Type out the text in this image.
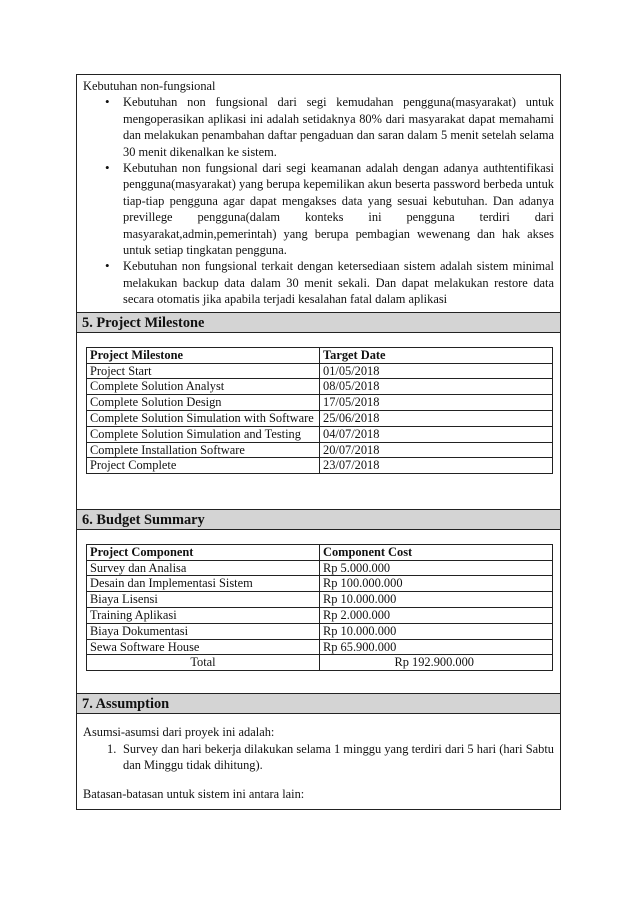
Kebutuhan non-fungsional
• Kebutuhan non fungsional dari segi kemudahan pengguna(masyarakat) untuk mengoperasikan aplikasi ini adalah setidaknya 80% dari masyarakat dapat memahami dan melakukan penambahan daftar pengaduan dan saran dalam 5 menit setelah selama 30 menit dikenalkan ke sistem.
• Kebutuhan non fungsional dari segi keamanan adalah dengan adanya authtentifikasi pengguna(masyarakat) yang berupa kepemilikan akun beserta password berbeda untuk tiap-tiap pengguna agar dapat mengakses data yang sesuai kebutuhan. Dan adanya previllege pengguna(dalam konteks ini pengguna terdiri dari masyarakat,admin,pemerintah) yang berupa pembagian wewenang dan hak akses untuk setiap tingkatan pengguna.
• Kebutuhan non fungsional terkait dengan ketersediaan sistem adalah sistem minimal melakukan backup data dalam 30 menit sekali. Dan dapat melakukan restore data secara otomatis jika apabila terjadi kesalahan fatal dalam aplikasi
5. Project Milestone
Project Milestone	Target Date
Project Start	01/05/2018
Complete Solution Analyst	08/05/2018
Complete Solution Design	17/05/2018
Complete Solution Simulation with Software	25/06/2018
Complete Solution Simulation and Testing	04/07/2018
Complete Installation Software	20/07/2018
Project Complete	23/07/2018
6. Budget Summary
Project Component	Component Cost
Survey dan Analisa	Rp 5.000.000
Desain dan Implementasi Sistem	Rp 100.000.000
Biaya Lisensi	Rp 10.000.000
Training Aplikasi	Rp 2.000.000
Biaya Dokumentasi	Rp 10.000.000
Sewa Software House	Rp 65.900.000
Total	Rp 192.900.000
7. Assumption
Asumsi-asumsi dari proyek ini adalah:
1. Survey dan hari bekerja dilakukan selama 1 minggu yang terdiri dari 5 hari (hari Sabtu dan Minggu tidak dihitung).
Batasan-batasan untuk sistem ini antara lain:
